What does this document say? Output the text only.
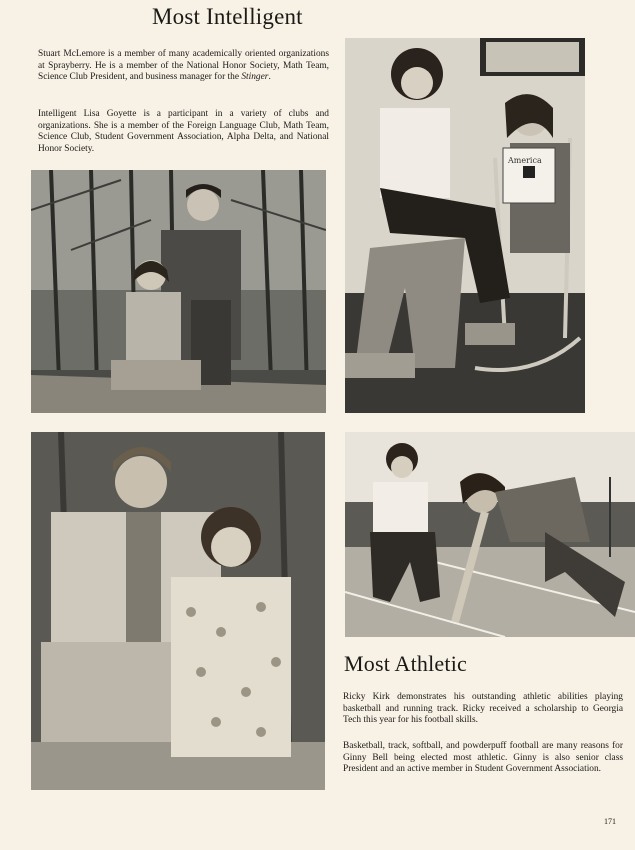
Most Intelligent

Stuart McLemore is a member of many academically oriented organizations at Sprayberry. He is a member of the National Honor Society, Math Team, Science Club President, and business manager for the Stinger.

Intelligent Lisa Goyette is a participant in a variety of clubs and organizations. She is a member of the Foreign Language Club, Math Team, Science Club, Student Government Association, Alpha Delta, and National Honor Society.

America
Most Athletic

Ricky Kirk demonstrates his outstanding athletic abilities playing basketball and running track. Ricky received a scholarship to Georgia Tech this year for his football skills.

Basketball, track, softball, and powderpuff football are many reasons for Ginny Bell being elected most athletic. Ginny is also senior class President and an active member in Student Government Association.

171
